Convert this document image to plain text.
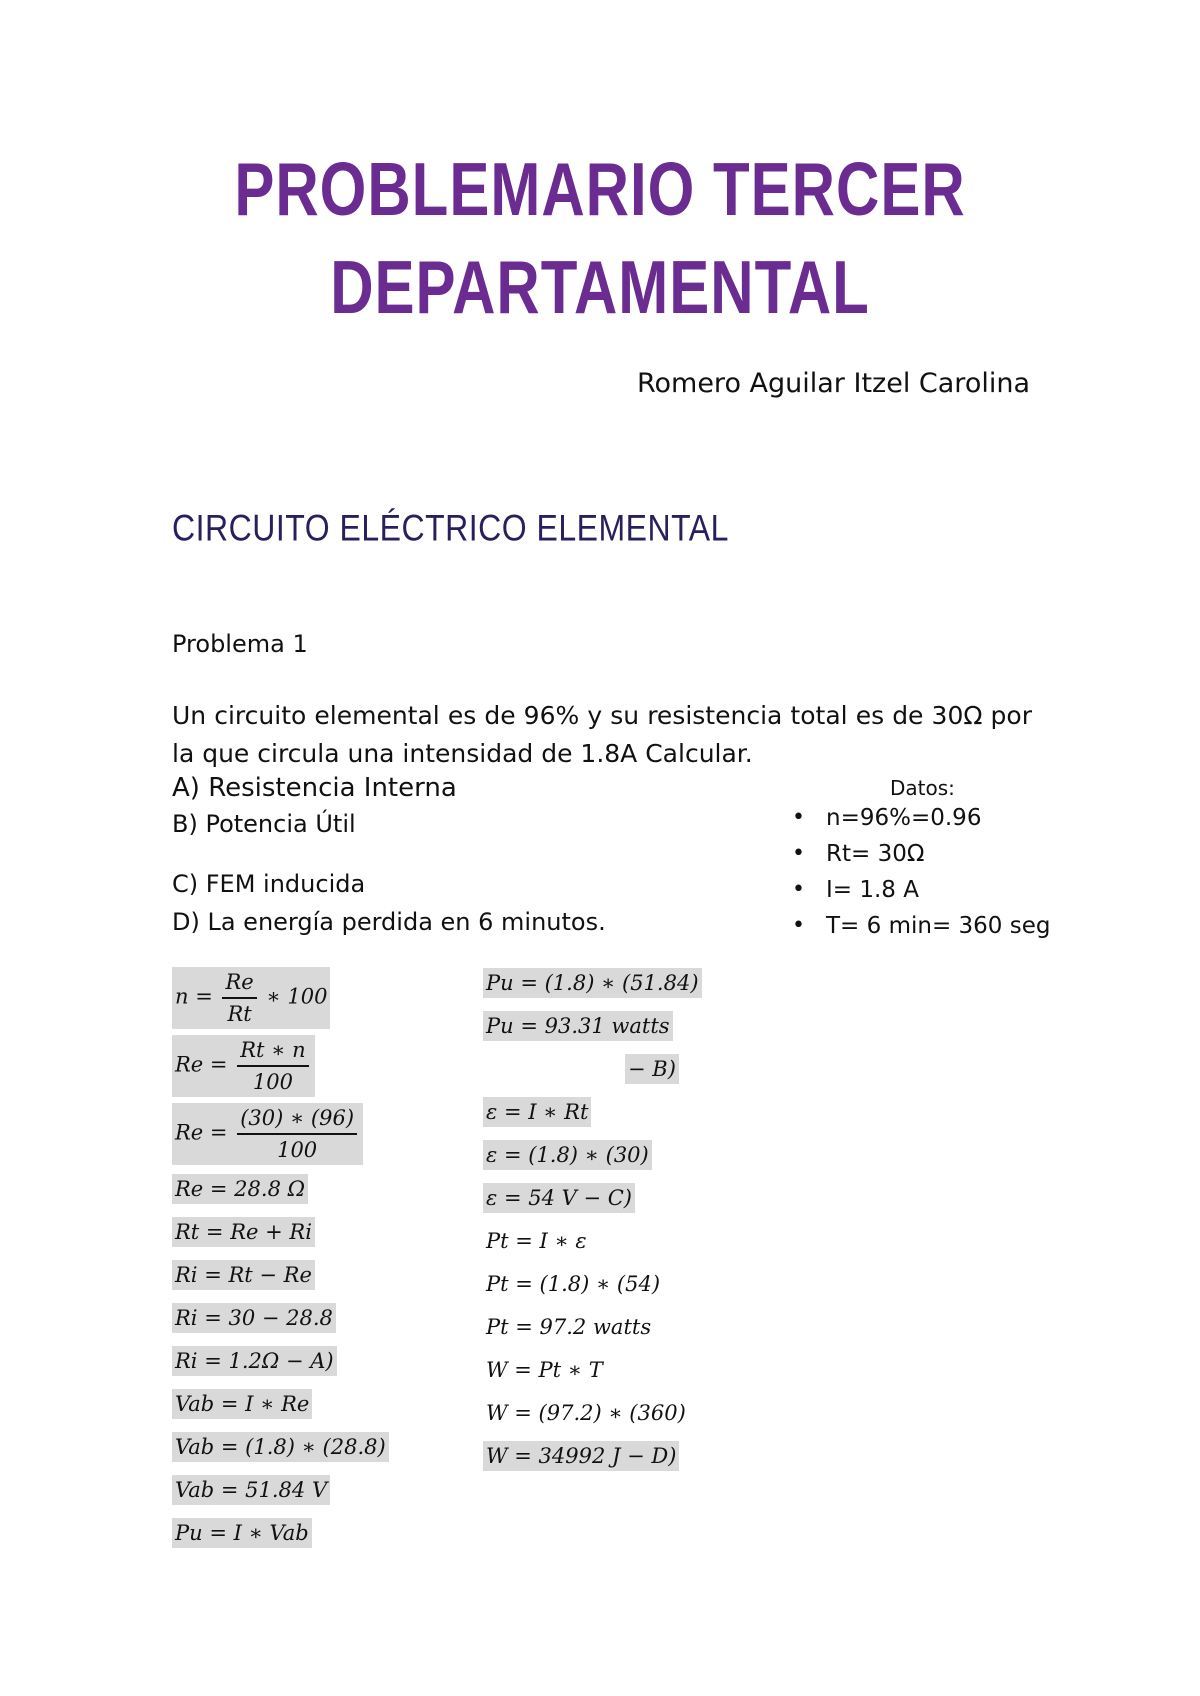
PROBLEMARIO TERCER
DEPARTAMENTAL
Romero Aguilar Itzel Carolina
CIRCUITO ELÉCTRICO ELEMENTAL
Problema 1
Un circuito elemental es de 96% y su resistencia total es de 30Ω por la que circula una intensidad de 1.8A Calcular.
A) Resistencia Interna
B) Potencia Útil
C) FEM inducida
D) La energía perdida en 6 minutos.
Datos:
• n=96%=0.96
• Rt= 30Ω
• I= 1.8 A
• T= 6 min= 360 seg
$n = \frac{Re}{Rt}$ ∗ 100
$Re = \frac{Rt ∗ n}{100}$
$Re = \frac{(30) ∗ (96)}{100}$
Re = 28.8 Ω
Rt = Re + Ri
Ri = Rt − Re
Ri = 30 − 28.8
Ri = 1.2Ω − A)
Vab = I ∗ Re
Vab = (1.8) ∗ (28.8)
Vab = 51.84 V
Pu = I ∗ Vab
Pu = (1.8) ∗ (51.84)
Pu = 93.31 watts
− B)
ε = I ∗ Rt
ε = (1.8) ∗ (30)
ε = 54 V − C)
Pt = I ∗ ε
Pt = (1.8) ∗ (54)
Pt = 97.2 watts
W = Pt ∗ T
W = (97.2) ∗ (360)
W = 34992 J − D)
